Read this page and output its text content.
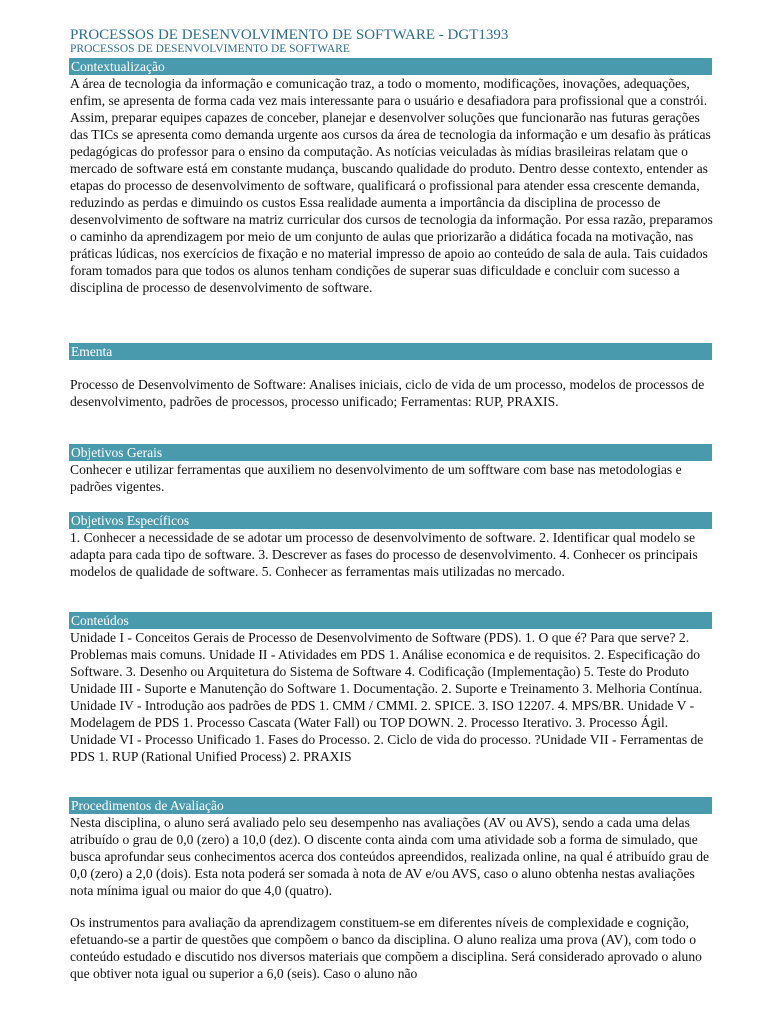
PROCESSOS DE DESENVOLVIMENTO DE SOFTWARE - DGT1393
PROCESSOS DE DESENVOLVIMENTO DE SOFTWARE
Contextualização

A área de tecnologia da informação e comunicação traz, a todo o momento, modificações, inovações, adequações, enfim, se apresenta de forma cada vez mais interessante para o usuário e desafiadora para profissional que a constrói. Assim, preparar equipes capazes de conceber, planejar e desenvolver soluções que funcionarão nas futuras gerações das TICs se apresenta como demanda urgente aos cursos da área de tecnologia da informação e um desafio às práticas pedagógicas do professor para o ensino da computação. As notícias veiculadas às mídias brasileiras relatam que o mercado de software está em constante mudança, buscando qualidade do produto. Dentro desse contexto, entender as etapas do processo de desenvolvimento de software, qualificará o profissional para atender essa crescente demanda, reduzindo as perdas e dimuindo os custos Essa realidade aumenta a importância da disciplina de processo de desenvolvimento de software na matriz curricular dos cursos de tecnologia da informação. Por essa razão, preparamos o caminho da aprendizagem por meio de um conjunto de aulas que priorizarão a didática focada na motivação, nas práticas lúdicas, nos exercícios de fixação e no material impresso de apoio ao conteúdo de sala de aula. Tais cuidados foram tomados para que todos os alunos tenham condições de superar suas dificuldade e concluir com sucesso a disciplina de processo de desenvolvimento de software.

Ementa

Processo de Desenvolvimento de Software: Analises iniciais, ciclo de vida de um processo, modelos de processos de desenvolvimento, padrões de processos, processo unificado; Ferramentas: RUP, PRAXIS.

Objetivos Gerais

Conhecer e utilizar ferramentas que auxiliem no desenvolvimento de um sofftware com base nas metodologias e padrões vigentes.

Objetivos Específicos

1. Conhecer a necessidade de se adotar um processo de desenvolvimento de software. 2. Identificar qual modelo se adapta para cada tipo de software. 3. Descrever as fases do processo de desenvolvimento. 4. Conhecer os principais modelos de qualidade de software. 5. Conhecer as ferramentas mais utilizadas no mercado.

Conteúdos

Unidade I - Conceitos Gerais de Processo de Desenvolvimento de Software (PDS). 1. O que é? Para que serve? 2. Problemas mais comuns. Unidade II - Atividades em PDS 1. Análise economica e de requisitos. 2. Especificação do Software. 3. Desenho ou Arquitetura do Sistema de Software 4. Codificação (Implementação) 5. Teste do Produto Unidade III - Suporte e Manutenção do Software 1. Documentação. 2. Suporte e Treinamento 3. Melhoria Contínua. Unidade IV - Introdução aos padrões de PDS 1. CMM / CMMI. 2. SPICE. 3. ISO 12207. 4. MPS/BR. Unidade V - Modelagem de PDS 1. Processo Cascata (Water Fall) ou TOP DOWN. 2. Processo Iterativo. 3. Processo Ágil. Unidade VI - Processo Unificado 1. Fases do Processo. 2. Ciclo de vida do processo. ?Unidade VII - Ferramentas de PDS 1. RUP (Rational Unified Process) 2. PRAXIS

Procedimentos de Avaliação

Nesta disciplina, o aluno será avaliado pelo seu desempenho nas avaliações (AV ou AVS), sendo a cada uma delas atribuído o grau de 0,0 (zero) a 10,0 (dez). O discente conta ainda com uma atividade sob a forma de simulado, que busca aprofundar seus conhecimentos acerca dos conteúdos apreendidos, realizada online, na qual é atribuído grau de 0,0 (zero) a 2,0 (dois). Esta nota poderá ser somada à nota de AV e/ou AVS, caso o aluno obtenha nestas avaliações nota mínima igual ou maior do que 4,0 (quatro).

Os instrumentos para avaliação da aprendizagem constituem-se em diferentes níveis de complexidade e cognição, efetuando-se a partir de questões que compõem o banco da disciplina. O aluno realiza uma prova (AV), com todo o conteúdo estudado e discutido nos diversos materiais que compõem a disciplina. Será considerado aprovado o aluno que obtiver nota igual ou superior a 6,0 (seis). Caso o aluno não
